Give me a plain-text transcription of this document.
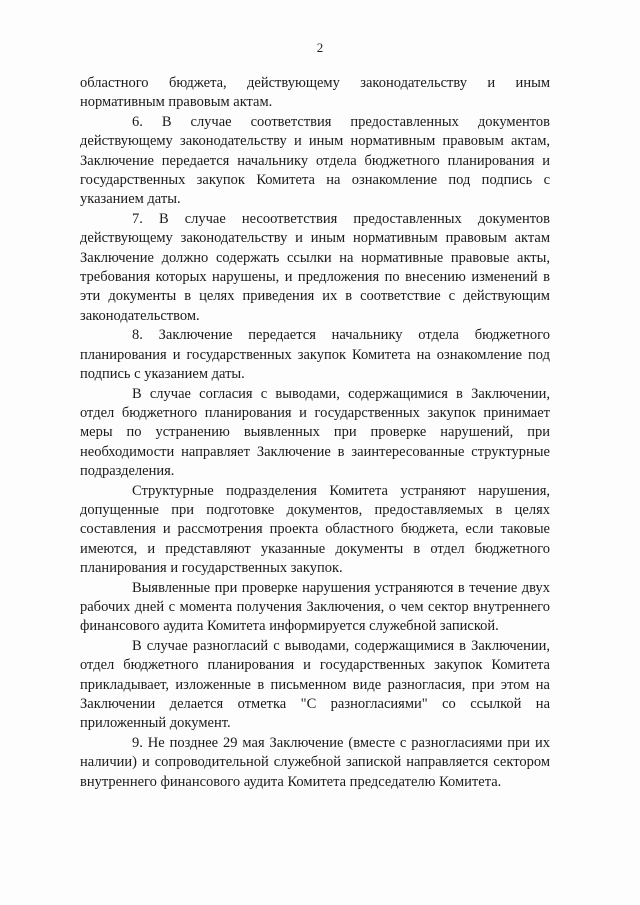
2

областного бюджета, действующему законодательству и иным нормативным правовым актам.

6. В случае соответствия предоставленных документов действующему законодательству и иным нормативным правовым актам, Заключение передается начальнику отдела бюджетного планирования и государственных закупок Комитета на ознакомление под подпись с указанием даты.

7. В случае несоответствия предоставленных документов действующему законодательству и иным нормативным правовым актам Заключение должно содержать ссылки на нормативные правовые акты, требования которых нарушены, и предложения по внесению изменений в эти документы в целях приведения их в соответствие с действующим законодательством.

8. Заключение передается начальнику отдела бюджетного планирования и государственных закупок Комитета на ознакомление под подпись с указанием даты.

В случае согласия с выводами, содержащимися в Заключении, отдел бюджетного планирования и государственных закупок принимает меры по устранению выявленных при проверке нарушений, при необходимости направляет Заключение в заинтересованные структурные подразделения.

Структурные подразделения Комитета устраняют нарушения, допущенные при подготовке документов, предоставляемых в целях составления и рассмотрения проекта областного бюджета, если таковые имеются, и представляют указанные документы в отдел бюджетного планирования и государственных закупок.

Выявленные при проверке нарушения устраняются в течение двух рабочих дней с момента получения Заключения, о чем сектор внутреннего финансового аудита Комитета информируется служебной запиской.

В случае разногласий с выводами, содержащимися в Заключении, отдел бюджетного планирования и государственных закупок Комитета прикладывает, изложенные в письменном виде разногласия, при этом на Заключении делается отметка "С разногласиями" со ссылкой на приложенный документ.

9. Не позднее 29 мая Заключение (вместе с разногласиями при их наличии) и сопроводительной служебной запиской направляется сектором внутреннего финансового аудита Комитета председателю Комитета.
